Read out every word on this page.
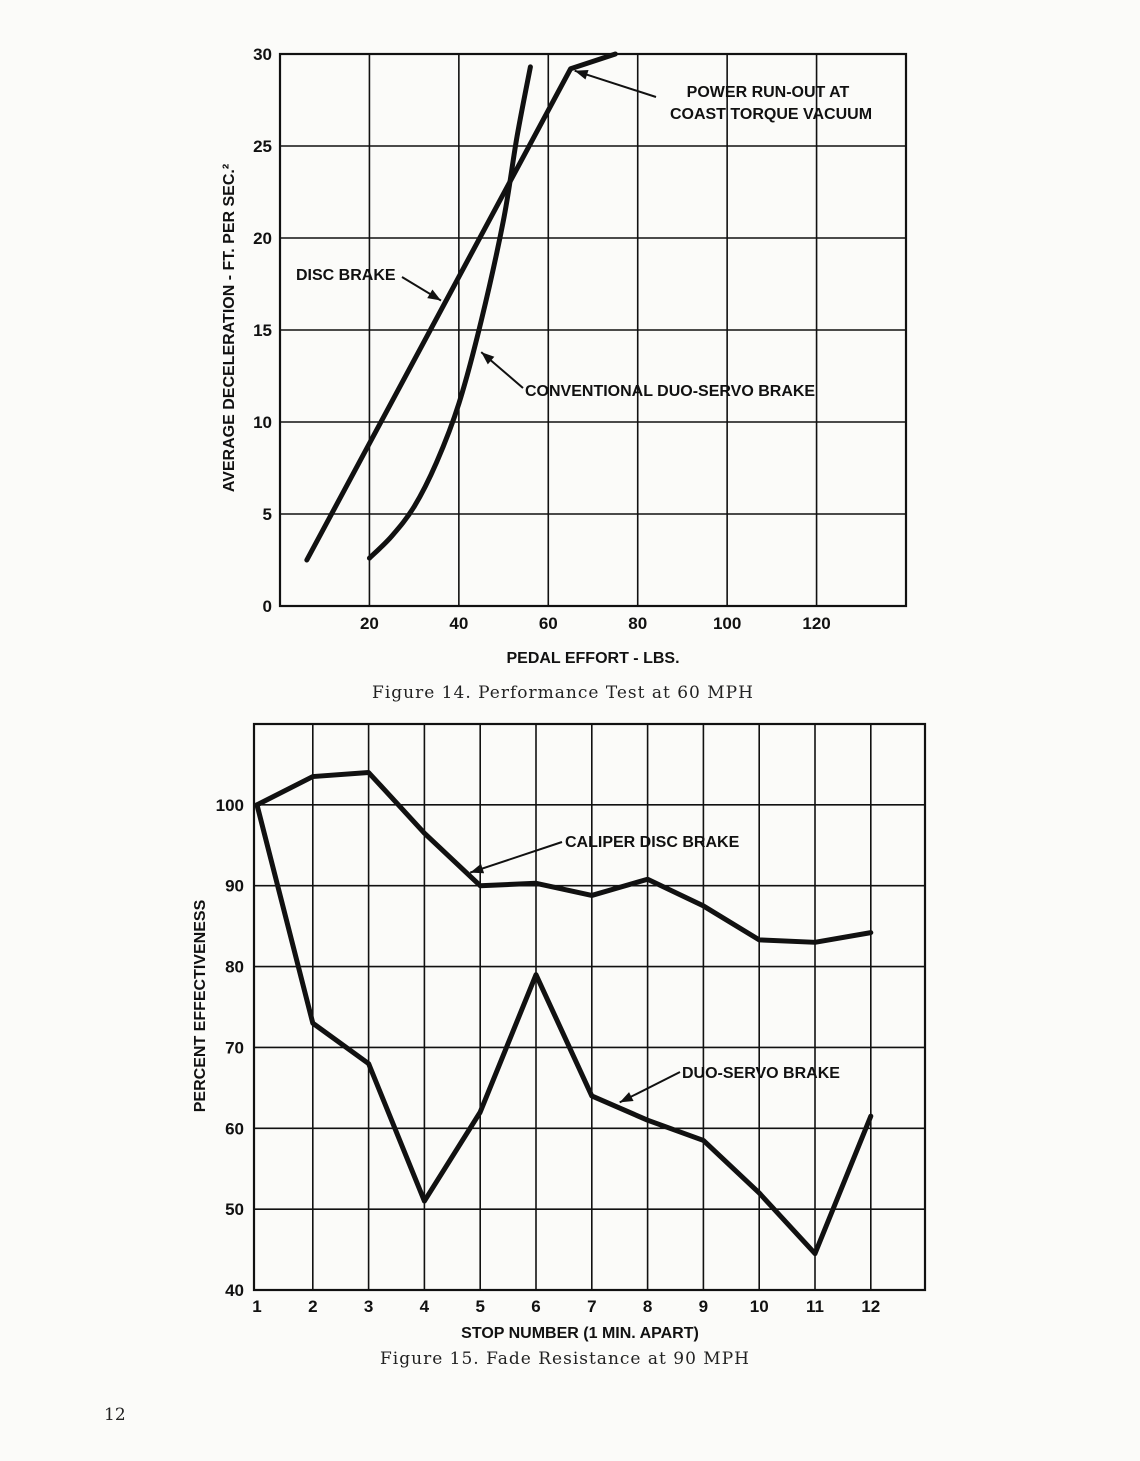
0
5
10
15
20
25
30
20	40	60	80	100	120
PEDAL EFFORT - LBS.
AVERAGE DECELERATION - FT. PER SEC.²	DISC BRAKE
CONVENTIONAL DUO-SERVO BRAKE
POWER RUN-OUT AT
COAST TORQUE VACUUM
Figure 14. Performance Test at 60 MPH
40
50
60
70
80
90
100
1	2	3	4	5	6	7	8	9 10 11 12
STOP NUMBER (1 MIN. APART)
PERCENT EFFECTIVENESS
CALIPER DISC BRAKE
DUO-SERVO BRAKE
Figure 15. Fade Resistance at 90 MPH
12
